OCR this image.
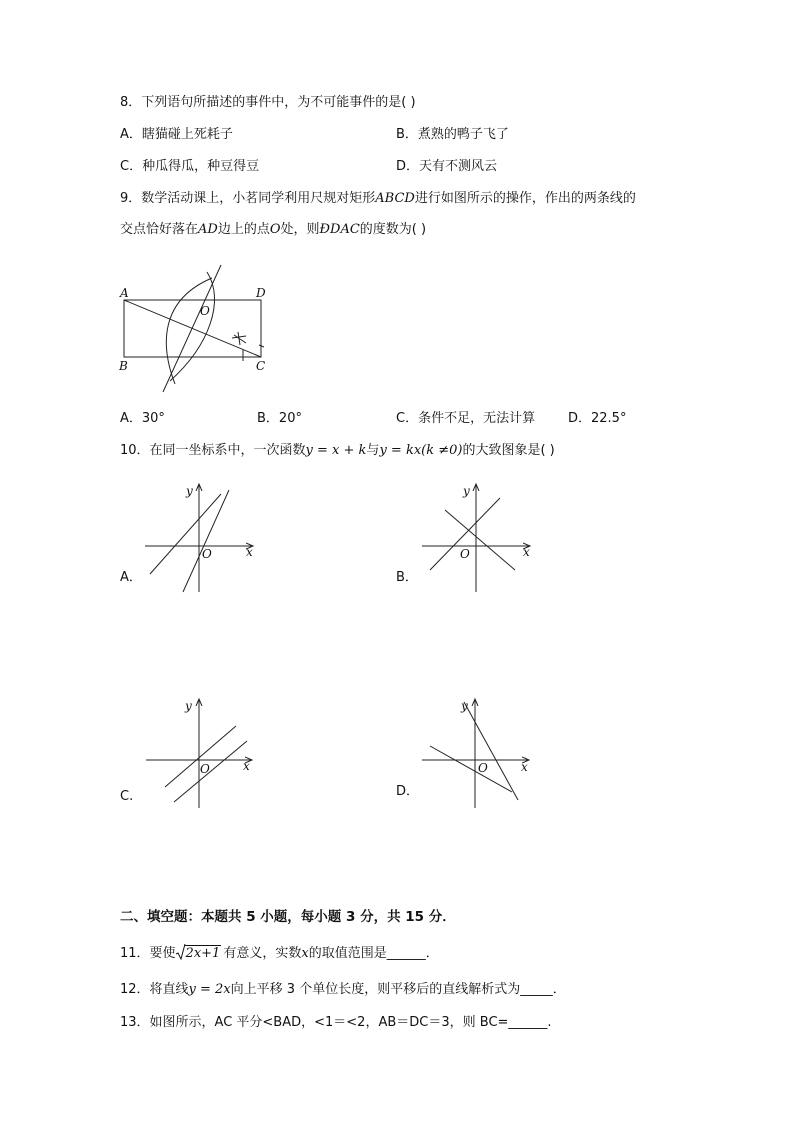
8．下列语句所描述的事件中，为不可能事件的是( )
A．瞎猫碰上死耗子	B．煮熟的鸭子飞了
C．种瓜得瓜，种豆得豆	D．天有不测风云
9．数学活动课上，小茗同学利用尺规对矩形ABCD进行如图所示的操作，作出的两条线的
交点恰好落在AD边上的点O处，则ÐDAC的度数为( )
A	D
B	C
O
A．30°	B．20°	C．条件不足，无法计算	D．22.5°
10．在同一坐标系中，一次函数y = x + k与y = kx(k ≠0)的大致图象是( )
y
x
O
A．
y
x
O
B．
y
x
O
C.
y
x
O
D．
二、填空题：本题共 5 小题，每小题 3 分，共 15 分．
11．要使 2x+1 有意义，实数x的取值范围是______．
12．将直线y = 2x向上平移 3 个单位长度，则平移后的直线解析式为_____．
13．如图所示，AC 平分<BAD，<1＝<2，AB＝DC＝3，则 BC=______.
